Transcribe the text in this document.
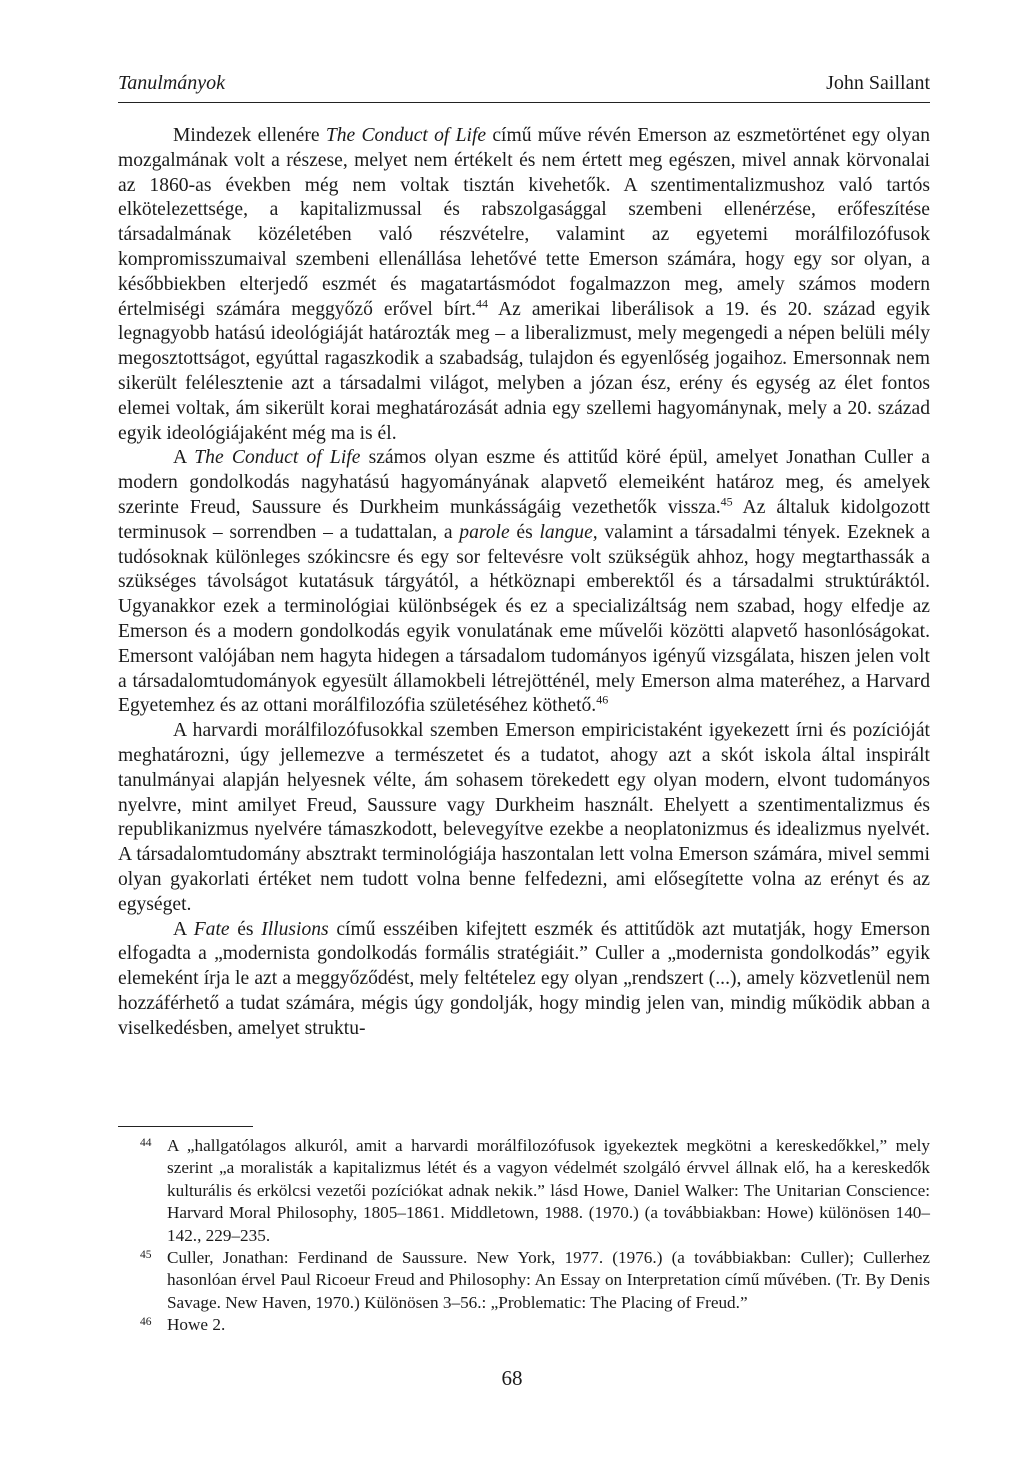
Tanulmányok	John Saillant

Mindezek ellenére The Conduct of Life című műve révén Emerson az eszmetörténet egy olyan mozgalmának volt a részese, melyet nem értékelt és nem értett meg egészen, mivel annak körvonalai az 1860-as években még nem voltak tisztán kivehetők. A szentimentalizmushoz való tartós elkötelezettsége, a kapitalizmussal és rabszolgasággal szembeni ellenérzése, erőfeszítése társadalmának közéletében való részvételre, valamint az egyetemi morálfilozófusok kompromisszumaival szembeni ellenállása lehetővé tette Emerson számára, hogy egy sor olyan, a későbbiekben elterjedő eszmét és magatartásmódot fogalmazzon meg, amely számos modern értelmiségi számára meggyőző erővel bírt.$^{44}$ Az amerikai liberálisok a 19. és 20. század egyik legnagyobb hatású ideológiáját határozták meg – a liberalizmust, mely megengedi a népen belüli mély megosztottságot, egyúttal ragaszkodik a szabadság, tulajdon és egyenlőség jogaihoz. Emersonnak nem sikerült felélesztenie azt a társadalmi világot, melyben a józan ész, erény és egység az élet fontos elemei voltak, ám sikerült korai meghatározását adnia egy szellemi hagyománynak, mely a 20. század egyik ideológiájaként még ma is él.

A The Conduct of Life számos olyan eszme és attitűd köré épül, amelyet Jonathan Culler a modern gondolkodás nagyhatású hagyományának alapvető elemeiként határoz meg, és amelyek szerinte Freud, Saussure és Durkheim munkásságáig vezethetők vissza.$^{45}$ Az általuk kidolgozott terminusok – sorrendben – a tudattalan, a parole és langue, valamint a társadalmi tények. Ezeknek a tudósoknak különleges szókincsre és egy sor feltevésre volt szükségük ahhoz, hogy megtarthassák a szükséges távolságot kutatásuk tárgyától, a hétköznapi emberektől és a társadalmi struktúráktól. Ugyanakkor ezek a terminológiai különbségek és ez a specializáltság nem szabad, hogy elfedje az Emerson és a modern gondolkodás egyik vonulatának eme művelői közötti alapvető hasonlóságokat. Emersont valójában nem hagyta hidegen a társadalom tudományos igényű vizsgálata, hiszen jelen volt a társadalomtudományok egyesült államokbeli létrejötténél, mely Emerson alma materéhez, a Harvard Egyetemhez és az ottani morálfilozófia születéséhez köthető.$^{46}$

A harvardi morálfilozófusokkal szemben Emerson empiricistaként igyekezett írni és pozícióját meghatározni, úgy jellemezve a természetet és a tudatot, ahogy azt a skót iskola által inspirált tanulmányai alapján helyesnek vélte, ám sohasem törekedett egy olyan modern, elvont tudományos nyelvre, mint amilyet Freud, Saussure vagy Durkheim használt. Ehelyett a szentimentalizmus és republikanizmus nyelvére támaszkodott, belevegyítve ezekbe a neoplatonizmus és idealizmus nyelvét. A társadalomtudomány absztrakt terminológiája haszontalan lett volna Emerson számára, mivel semmi olyan gyakorlati értéket nem tudott volna benne felfedezni, ami elősegítette volna az erényt és az egységet.

A Fate és Illusions című esszéiben kifejtett eszmék és attitűdök azt mutatják, hogy Emerson elfogadta a „modernista gondolkodás formális stratégiáit.” Culler a „modernista gondolkodás” egyik elemeként írja le azt a meggyőződést, mely feltételez egy olyan „rendszert (...), amely közvetlenül nem hozzáférhető a tudat számára, mégis úgy gondolják, hogy mindig jelen van, mindig működik abban a viselkedésben, amelyet struktu-

44 A „hallgatólagos alkuról, amit a harvardi morálfilozófusok igyekeztek megkötni a kereskedőkkel,” mely szerint „a moralisták a kapitalizmus létét és a vagyon védelmét szolgáló érvvel állnak elő, ha a kereskedők kulturális és erkölcsi vezetői pozíciókat adnak nekik.” lásd Howe, Daniel Walker: The Unitarian Conscience: Harvard Moral Philosophy, 1805–1861. Middletown, 1988. (1970.) (a továbbiakban: Howe) különösen 140–142., 229–235.

45 Culler, Jonathan: Ferdinand de Saussure. New York, 1977. (1976.) (a továbbiakban: Culler); Cullerhez hasonlóan érvel Paul Ricoeur Freud and Philosophy: An Essay on Interpretation című művében. (Tr. By Denis Savage. New Haven, 1970.) Különösen 3–56.: „Problematic: The Placing of Freud.”

46 Howe 2.

68
